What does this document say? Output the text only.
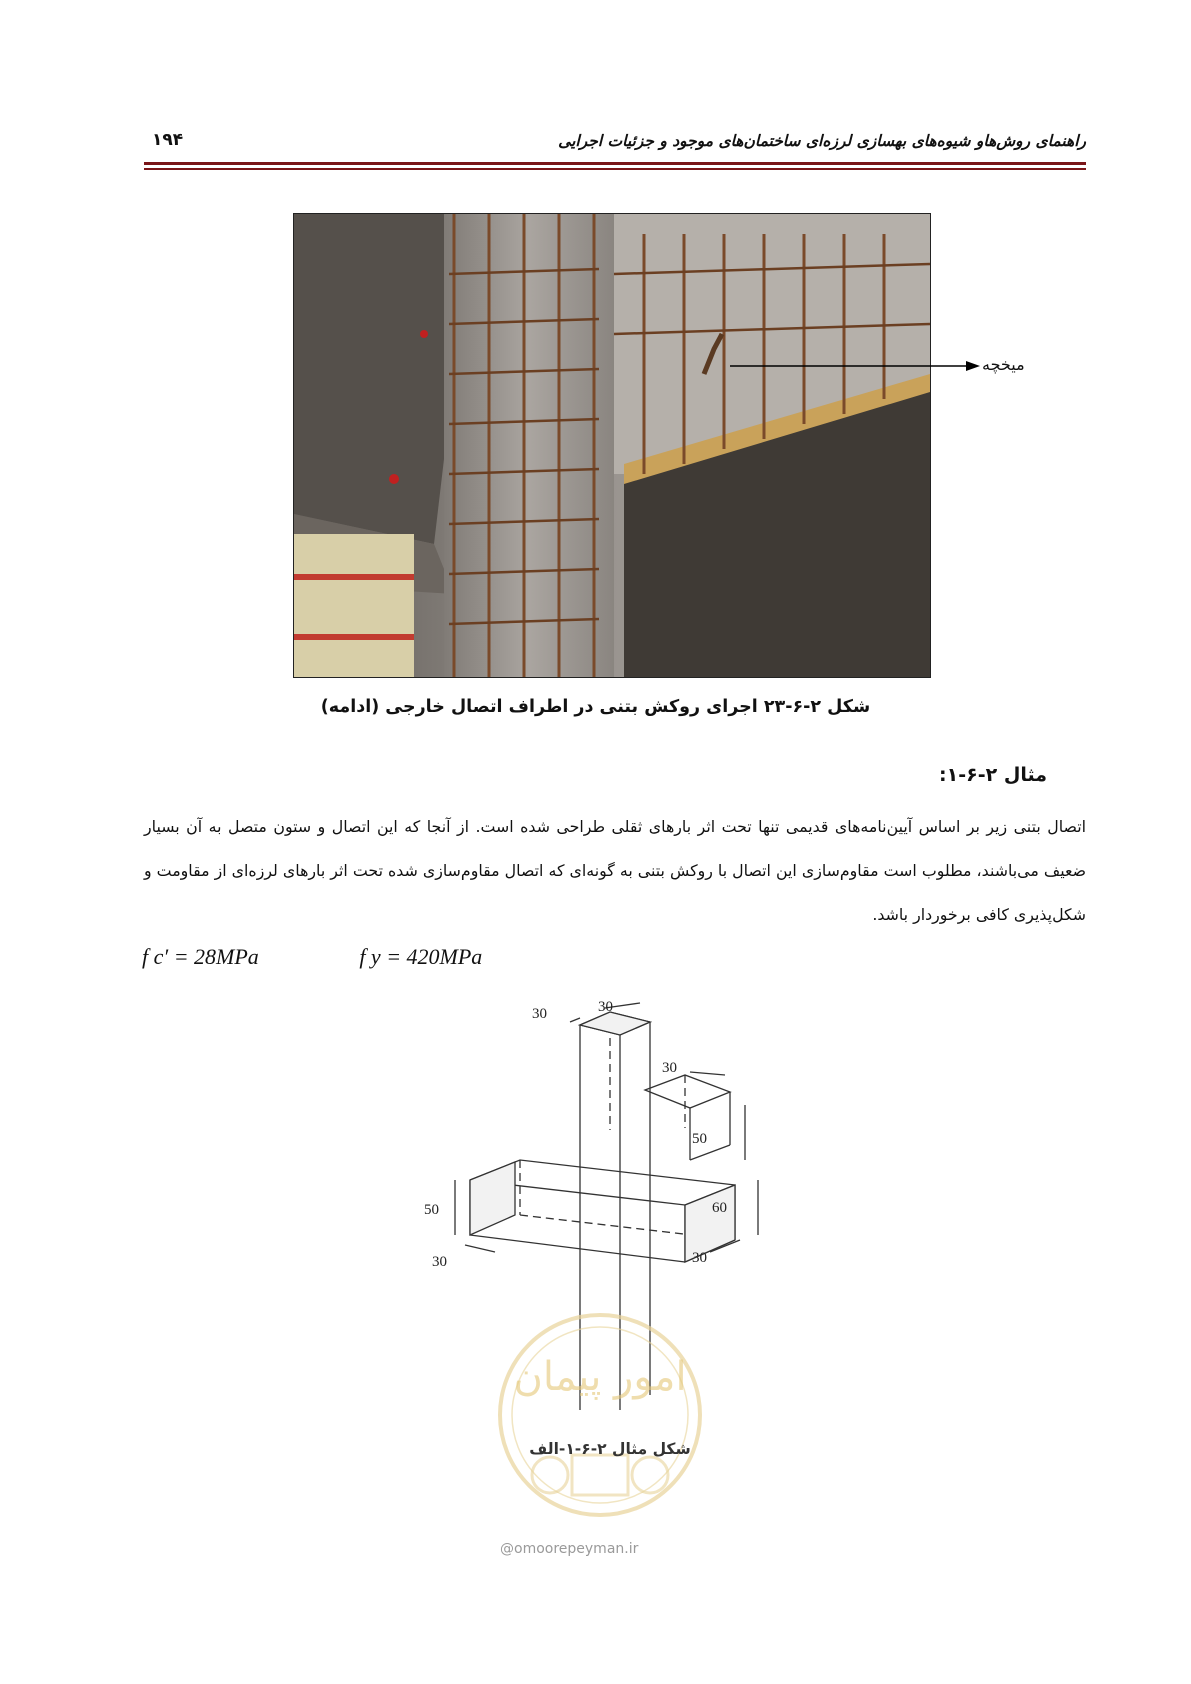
۱۹۴	راهنمای روش‌هاو شیوه‌های بهسازی لرزه‌ای ساختمان‌های موجود و جزئیات اجرایی
میخچه
شکل ۲-۶-۲۳ اجرای روکش بتنی در اطراف اتصال خارجی (ادامه)
مثال ۲-۶-۱:

اتصال بتنی زیر بر اساس آیین‌نامه‌های قدیمی تنها تحت اثر بارهای ثقلی طراحی شده است. از آنجا که این اتصال و ستون متصل به آن بسیار ضعیف می‌باشند، مطلوب است مقاوم‌سازی این اتصال با روکش بتنی به گونه‌ای که اتصال مقاوم‌سازی شده تحت اثر بارهای لرزه‌ای از مقاومت و شکل‌پذیری کافی برخوردار باشد.

f c′ = 28MPa	f y = 420MPa
30	30
30
50
60
30
50
30
امور پیمان
شکل مثال ۲-۶-۱-الف
@omoorepeyman.ir
